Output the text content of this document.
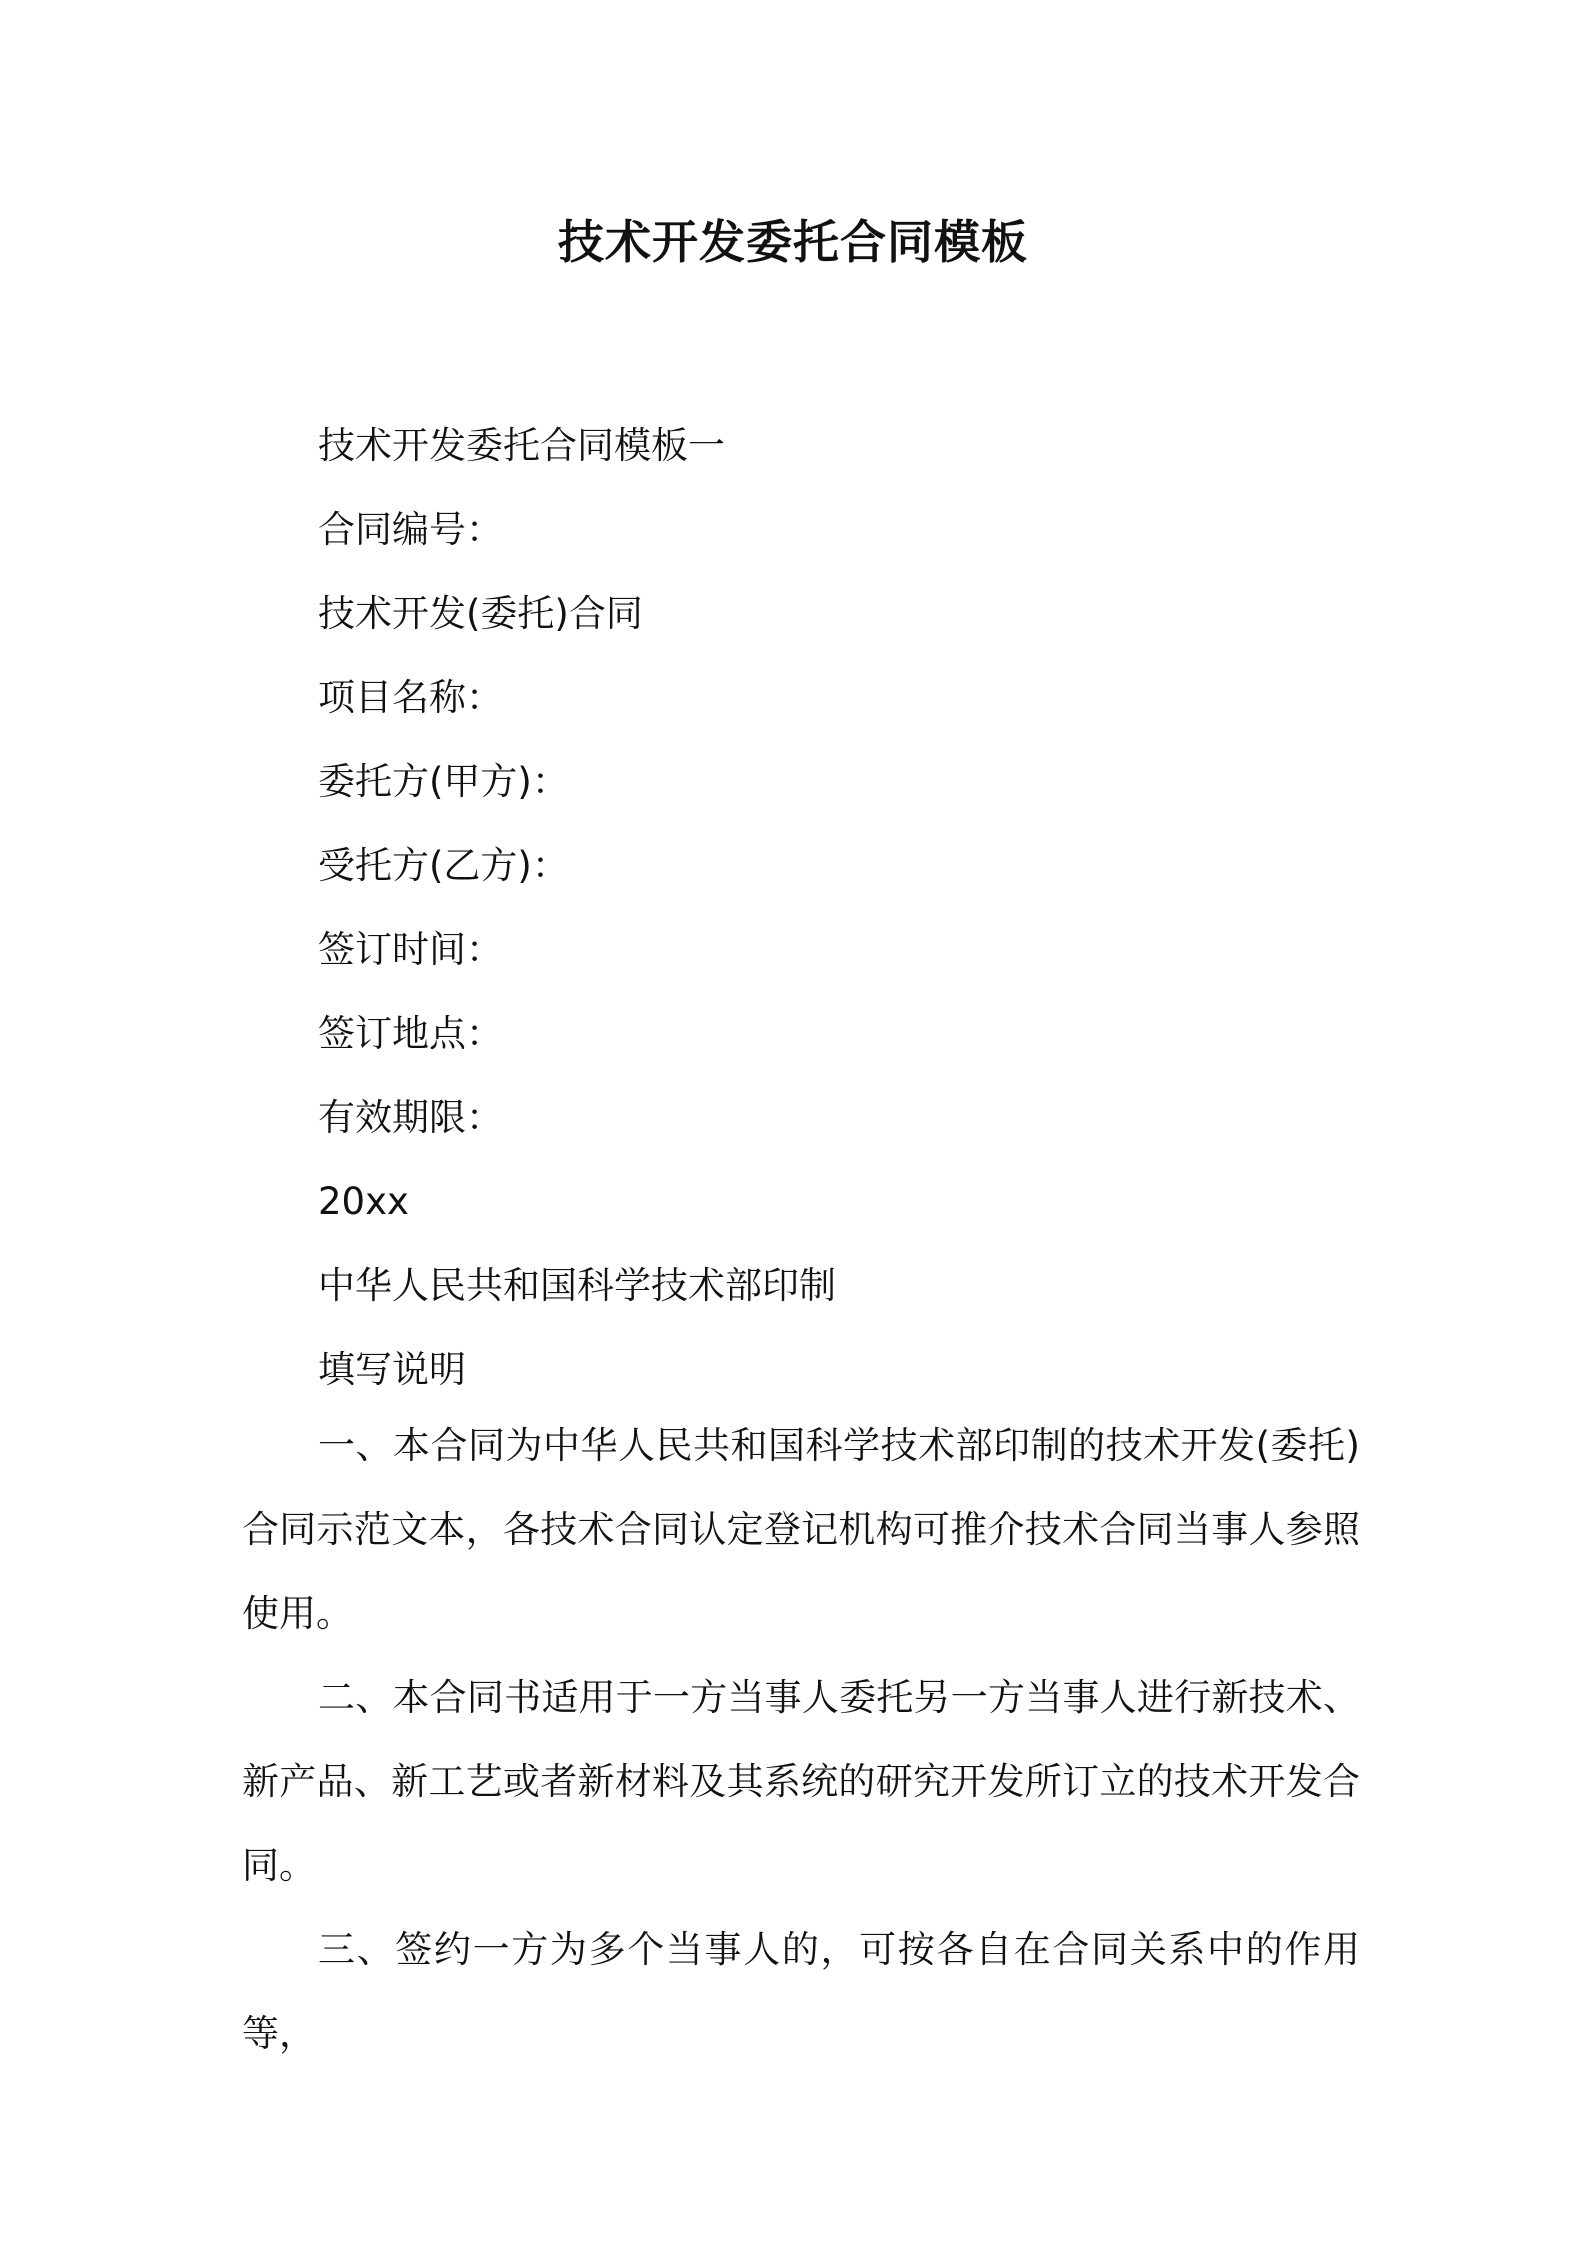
技术开发委托合同模板
技术开发委托合同模板一
合同编号：
技术开发(委托)合同
项目名称：
委托方(甲方)：
受托方(乙方)：
签订时间：
签订地点：
有效期限：
20xx
中华人民共和国科学技术部印制
填写说明

一、本合同为中华人民共和国科学技术部印制的技术开发(委托)合同示范文本，各技术合同认定登记机构可推介技术合同当事人参照使用。

二、本合同书适用于一方当事人委托另一方当事人进行新技术、新产品、新工艺或者新材料及其系统的研究开发所订立的技术开发合同。

三、签约一方为多个当事人的，可按各自在合同关系中的作用等，
